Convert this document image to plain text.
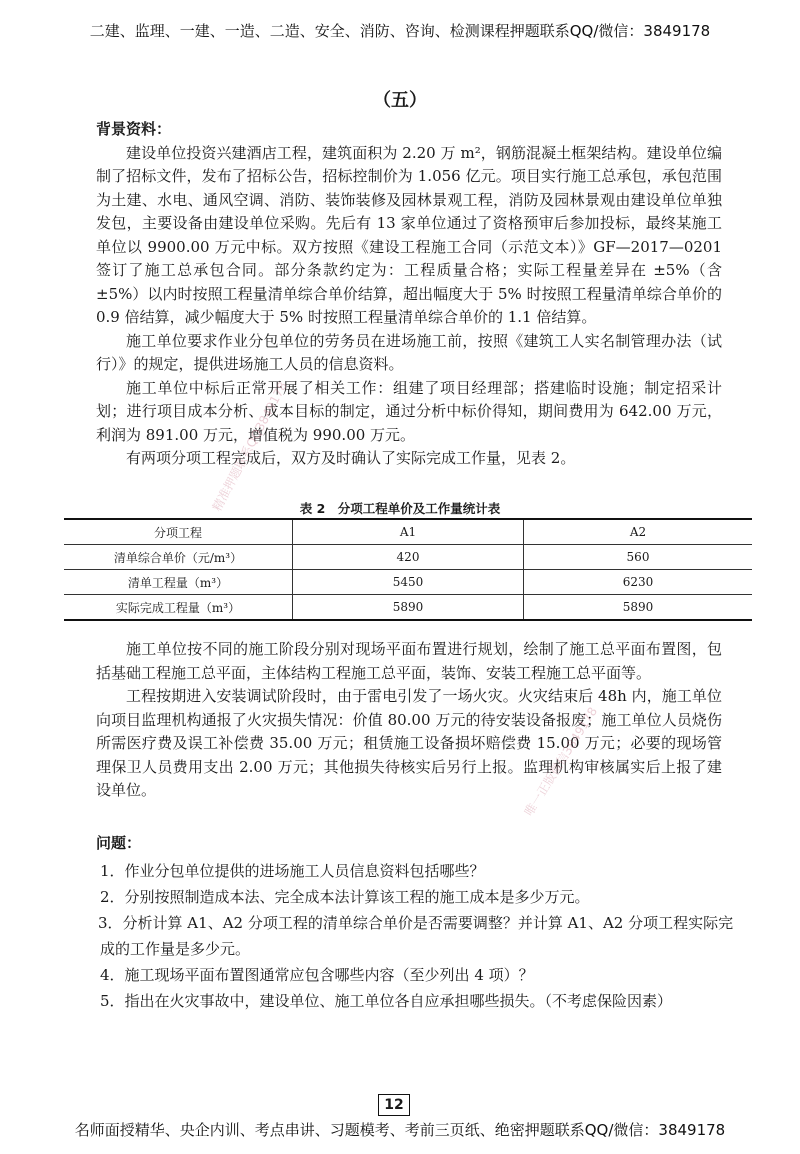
二建、监理、一建、一造、二造、安全、消防、咨询、检测课程押题联系QQ/微信：3849178
（五）
背景资料：

建设单位投资兴建酒店工程，建筑面积为 2.20 万 m²，钢筋混凝土框架结构。建设单位编制了招标文件，发布了招标公告，招标控制价为 1.056 亿元。项目实行施工总承包，承包范围为土建、水电、通风空调、消防、装饰装修及园林景观工程，消防及园林景观由建设单位单独发包，主要设备由建设单位采购。先后有 13 家单位通过了资格预审后参加投标，最终某施工单位以 9900.00 万元中标。双方按照《建设工程施工合同（示范文本）》GF—2017—0201 签订了施工总承包合同。部分条款约定为：工程质量合格；实际工程量差异在 ±5%（含 ±5%）以内时按照工程量清单综合单价结算，超出幅度大于 5% 时按照工程量清单综合单价的 0.9 倍结算，减少幅度大于 5% 时按照工程量清单综合单价的 1.1 倍结算。

施工单位要求作业分包单位的劳务员在进场施工前，按照《建筑工人实名制管理办法（试行）》的规定，提供进场施工人员的信息资料。

施工单位中标后正常开展了相关工作：组建了项目经理部；搭建临时设施；制定招采计划；进行项目成本分析、成本目标的制定，通过分析中标价得知，期间费用为 642.00 万元，利润为 891.00 万元，增值税为 990.00 万元。

有两项分项工程完成后，双方及时确认了实际完成工作量，见表 2。

表 2　分项工程单价及工作量统计表
分项工程	A1	A2
清单综合单价（元/m³）	420	560
清单工程量（m³）	5450	6230
实际完成工程量（m³）	5890	5890

施工单位按不同的施工阶段分别对现场平面布置进行规划，绘制了施工总平面布置图，包括基础工程施工总平面，主体结构工程施工总平面，装饰、安装工程施工总平面等。

工程按期进入安装调试阶段时，由于雷电引发了一场火灾。火灾结束后 48h 内，施工单位向项目监理机构通报了火灾损失情况：价值 80.00 万元的待安装设备报废；施工单位人员烧伤所需医疗费及误工补偿费 35.00 万元；租赁施工设备损坏赔偿费 15.00 万元；必要的现场管理保卫人员费用支出 2.00 万元；其他损失待核实后另行上报。监理机构审核属实后上报了建设单位。

问题：

1．作业分包单位提供的进场施工人员信息资料包括哪些？

2．分别按照制造成本法、完全成本法计算该工程的施工成本是多少万元。

3．分析计算 A1、A2 分项工程的清单综合单价是否需要调整？并计算 A1、A2 分项工程实际完成的工作量是多少元。

4．施工现场平面布置图通常应包含哪些内容（至少列出 4 项）？

5．指出在火灾事故中，建设单位、施工单位各自应承担哪些损失。（不考虑保险因素）

12
名师面授精华、央企内训、考点串讲、习题模考、考前三页纸、绝密押题联系QQ/微信：3849178
精准押题联系QQ3849178
唯一正版微信3849178
